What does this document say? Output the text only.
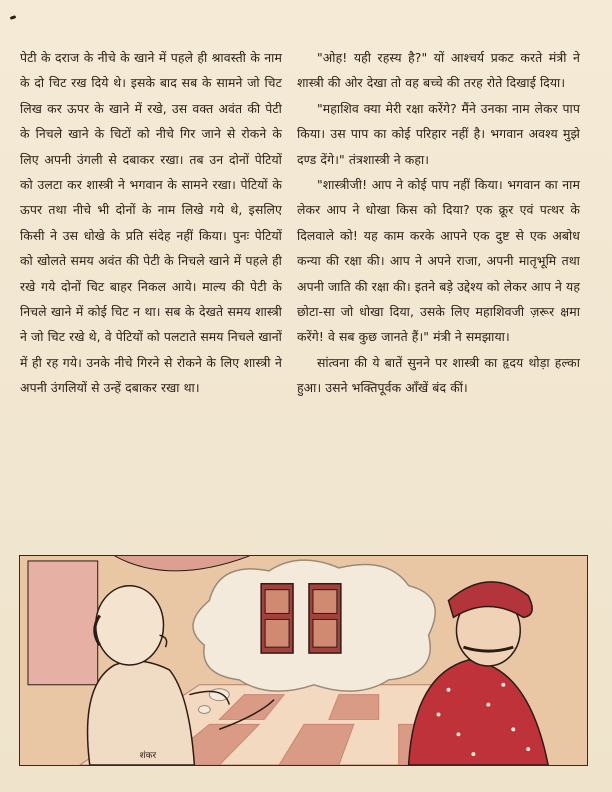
पेटी के दराज के नीचे के खाने में पहले ही श्रावस्ती के नाम के दो चिट रख दिये थे। इसके बाद सब के सामने जो चिट लिख कर ऊपर के खाने में रखे, उस वक्त अवंत की पेटी के निचले खाने के चिटों को नीचे गिर जाने से रोकने के लिए अपनी उंगली से दबाकर रखा। तब उन दोनों पेटियों को उलटा कर शास्त्री ने भगवान के सामने रखा। पेटियों के ऊपर तथा नीचे भी दोनों के नाम लिखे गये थे, इसलिए किसी ने उस धोखे के प्रति संदेह नहीं किया। पुनः पेटियों को खोलते समय अवंत की पेटी के निचले खाने में पहले ही रखे गये दोनों चिट बाहर निकल आये। माल्य की पेटी के निचले खाने में कोई चिट न था। सब के देखते समय शास्त्री ने जो चिट रखे थे, वे पेटियों को पलटाते समय निचले खानों में ही रह गये। उनके नीचे गिरने से रोकने के लिए शास्त्री ने अपनी उंगलियों से उन्हें दबाकर रखा था।

"ओह! यही रहस्य है?" यों आश्चर्य प्रकट करते मंत्री ने शास्त्री की ओर देखा तो वह बच्चे की तरह रोते दिखाई दिया।

"महाशिव क्या मेरी रक्षा करेंगे? मैंने उनका नाम लेकर पाप किया। उस पाप का कोई परिहार नहीं है। भगवान अवश्य मुझे दण्ड देंगे।" तंत्रशास्त्री ने कहा।

"शास्त्रीजी! आप ने कोई पाप नहीं किया। भगवान का नाम लेकर आप ने धोखा किस को दिया? एक क्रूर एवं पत्थर के दिलवाले को! यह काम करके आपने एक दुष्ट से एक अबोध कन्या की रक्षा की। आप ने अपने राजा, अपनी मातृभूमि तथा अपनी जाति की रक्षा की। इतने बड़े उद्देश्य को लेकर आप ने यह छोटा-सा जो धोखा दिया, उसके लिए महाशिवजी ज़रूर क्षमा करेंगे! वे सब कुछ जानते हैं।" मंत्री ने समझाया।

सांत्वना की ये बातें सुनने पर शास्त्री का हृदय थोड़ा हल्का हुआ। उसने भक्तिपूर्वक आँखें बंद कीं।

शंकर
